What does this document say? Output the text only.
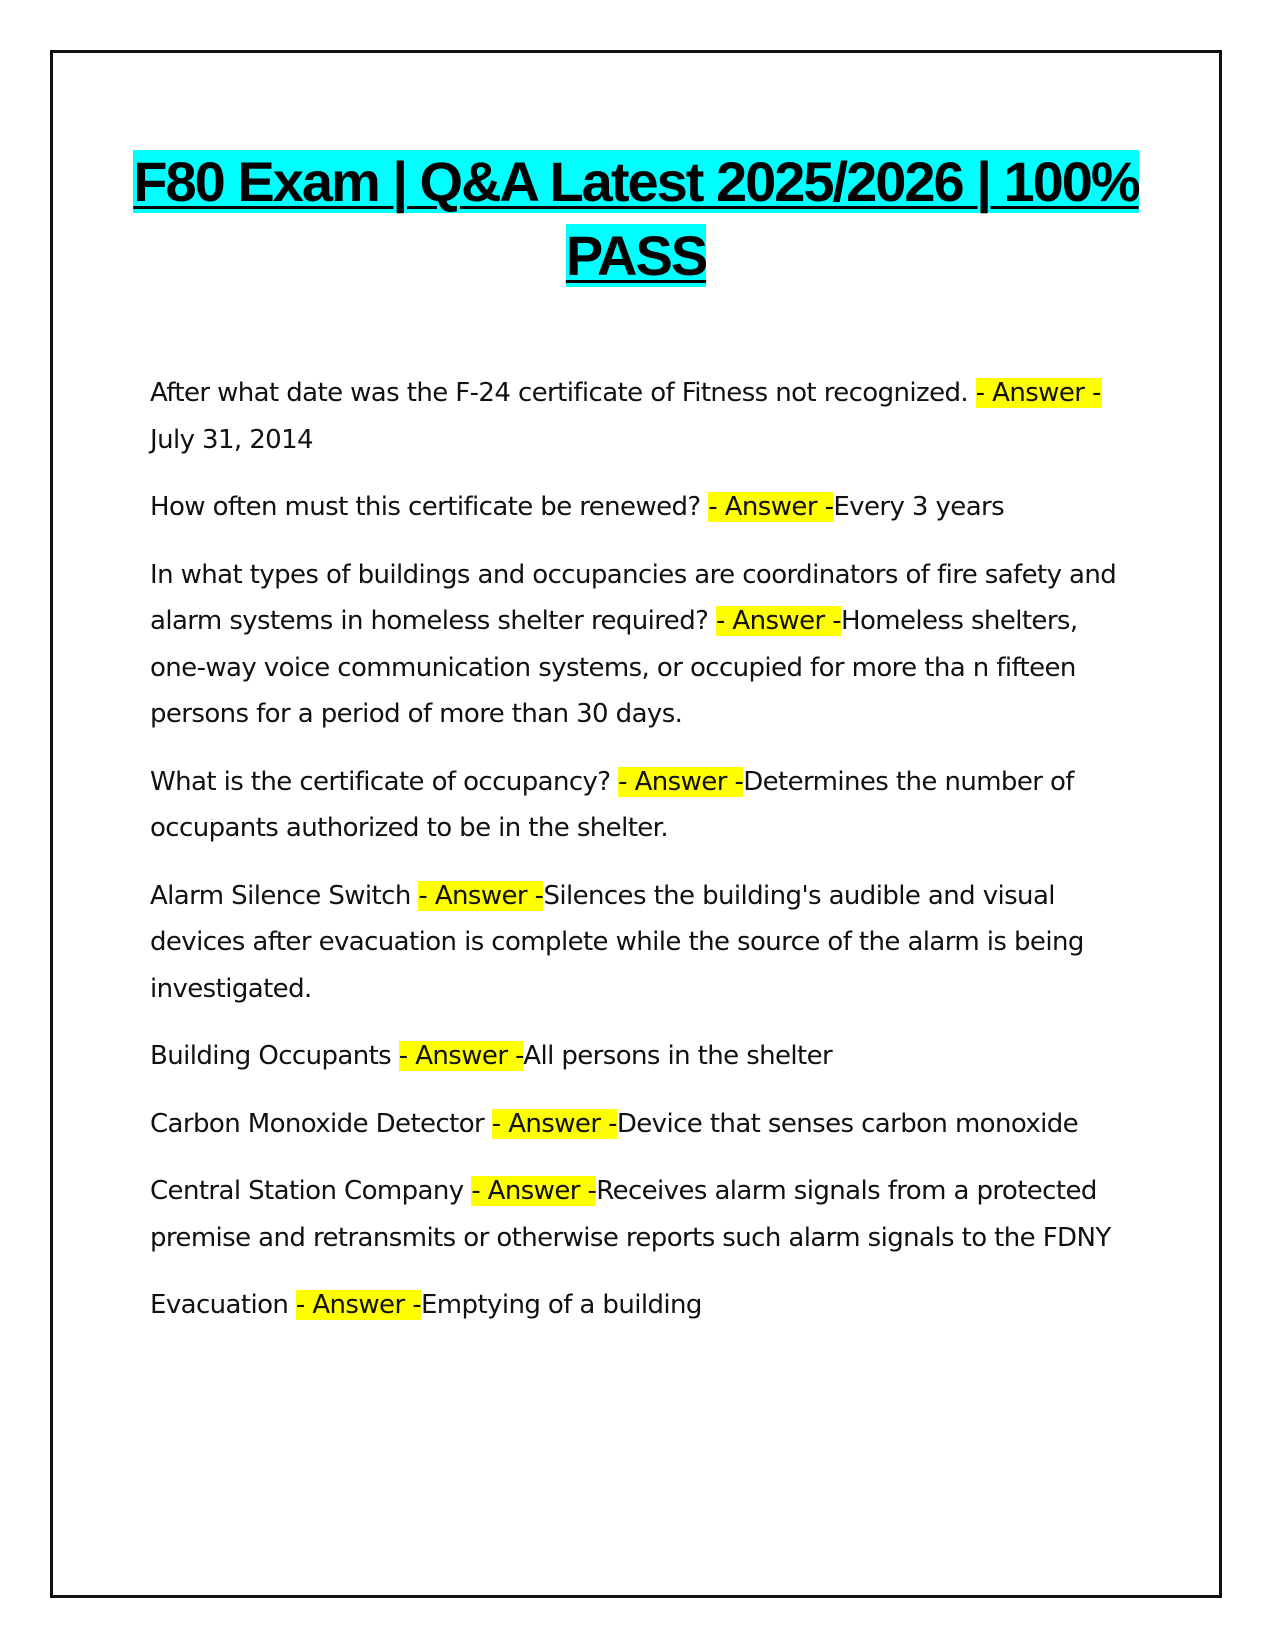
F80 Exam | Q&A Latest 2025/2026 | 100% PASS

After what date was the F-24 certificate of Fitness not recognized. - Answer -July 31, 2014

How often must this certificate be renewed? - Answer -Every 3 years

In what types of buildings and occupancies are coordinators of fire safety and alarm systems in homeless shelter required? - Answer -Homeless shelters, one-way voice communication systems, or occupied for more tha n fifteen persons for a period of more than 30 days.

What is the certificate of occupancy? - Answer -Determines the number of occupants authorized to be in the shelter.

Alarm Silence Switch - Answer -Silences the building's audible and visual devices after evacuation is complete while the source of the alarm is being investigated.

Building Occupants - Answer -All persons in the shelter

Carbon Monoxide Detector - Answer -Device that senses carbon monoxide

Central Station Company - Answer -Receives alarm signals from a protected premise and retransmits or otherwise reports such alarm signals to the FDNY

Evacuation - Answer -Emptying of a building
